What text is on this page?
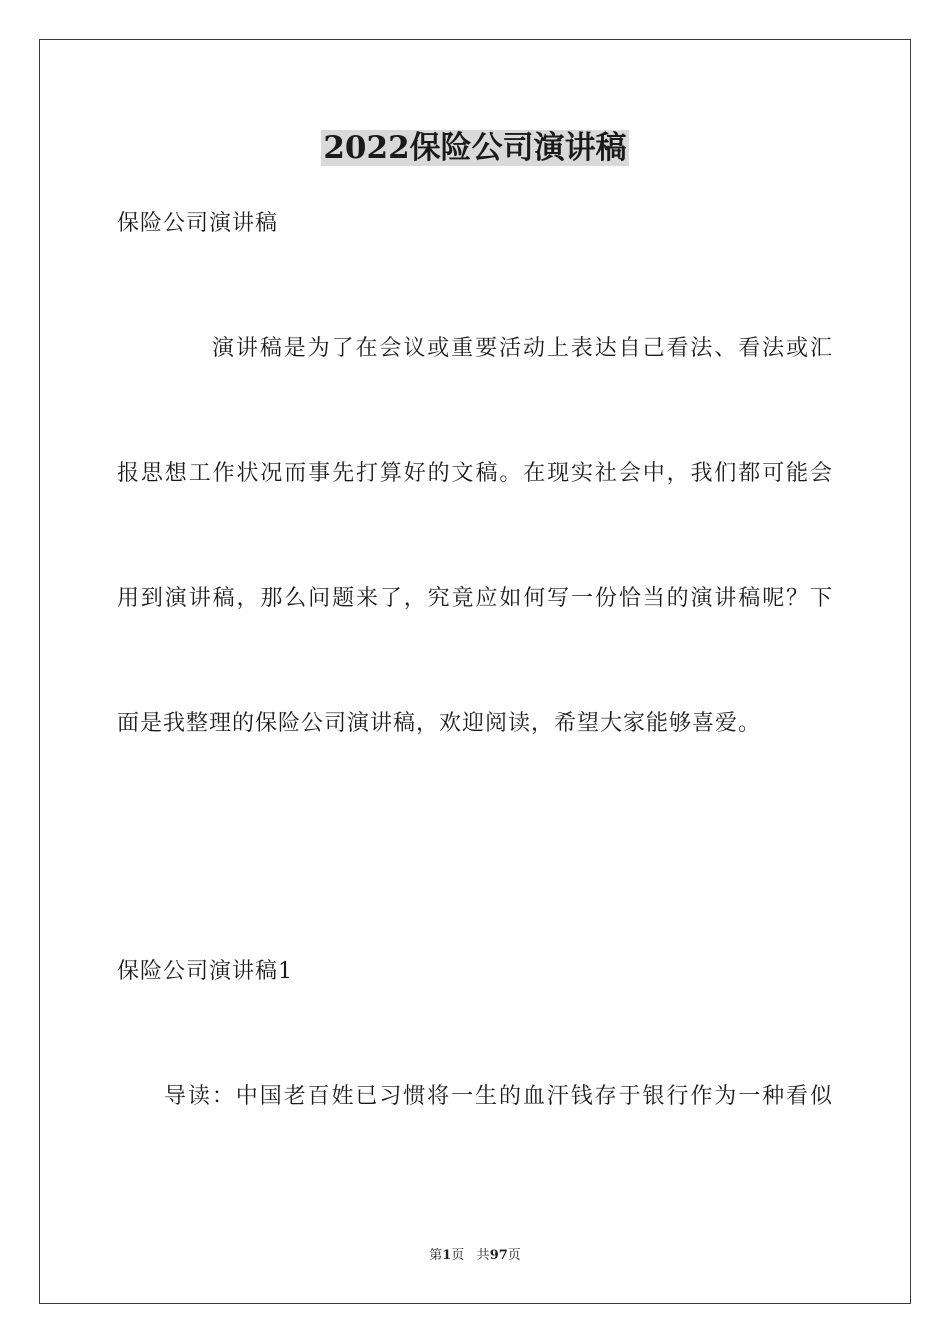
2022保险公司演讲稿
保险公司演讲稿
演讲稿是为了在会议或重要活动上表达自己看法、看法或汇
报思想工作状况而事先打算好的文稿。在现实社会中，我们都可能会
用到演讲稿，那么问题来了，究竟应如何写一份恰当的演讲稿呢？下
面是我整理的保险公司演讲稿，欢迎阅读，希望大家能够喜爱。
保险公司演讲稿1
导读：中国老百姓已习惯将一生的血汗钱存于银行作为一种看似
第1页 共97页
